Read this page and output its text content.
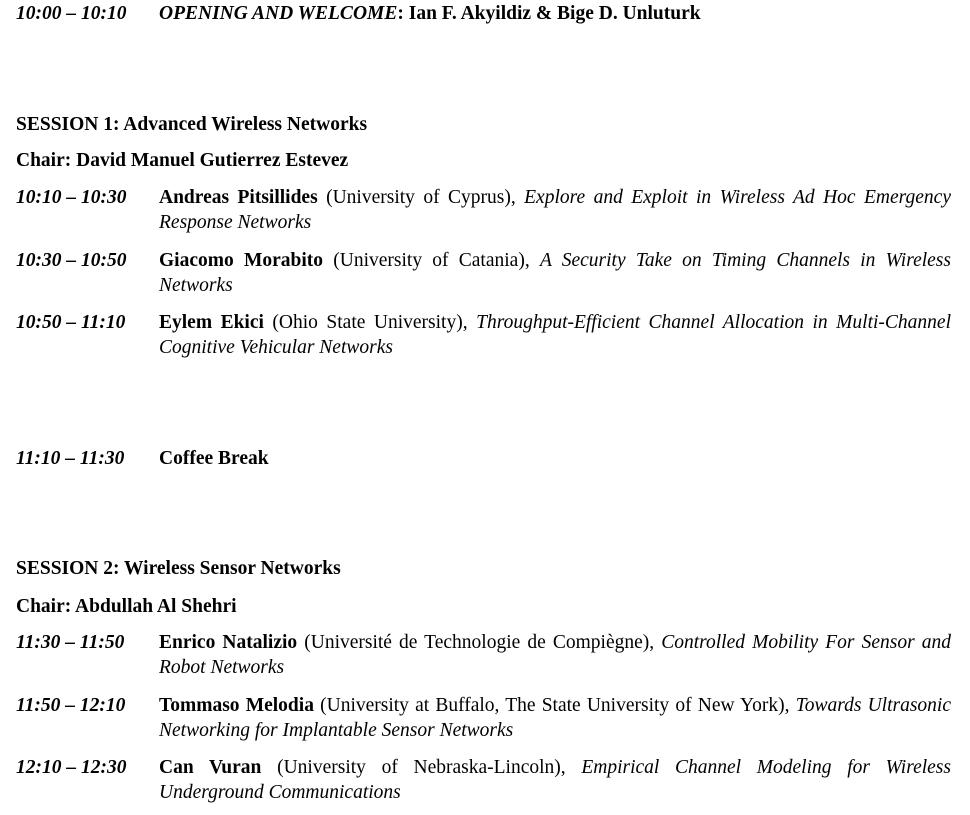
10:00 – 10:10 OPENING AND WELCOME: Ian F. Akyildiz & Bige D. Unluturk
SESSION 1: Advanced Wireless Networks
Chair: David Manuel Gutierrez Estevez
10:10 – 10:30 Andreas Pitsillides (University of Cyprus), Explore and Exploit in Wireless Ad Hoc Emergency Response Networks
10:30 – 10:50 Giacomo Morabito (University of Catania), A Security Take on Timing Channels in Wireless Networks
10:50 – 11:10 Eylem Ekici (Ohio State University), Throughput-Efficient Channel Allocation in Multi-Channel Cognitive Vehicular Networks
11:10 – 11:30 Coffee Break
SESSION 2: Wireless Sensor Networks
Chair: Abdullah Al Shehri
11:30 – 11:50 Enrico Natalizio (Université de Technologie de Compiègne), Controlled Mobility For Sensor and Robot Networks
11:50 – 12:10 Tommaso Melodia (University at Buffalo, The State University of New York), Towards Ultrasonic Networking for Implantable Sensor Networks
12:10 – 12:30 Can Vuran (University of Nebraska-Lincoln), Empirical Channel Modeling for Wireless Underground Communications
